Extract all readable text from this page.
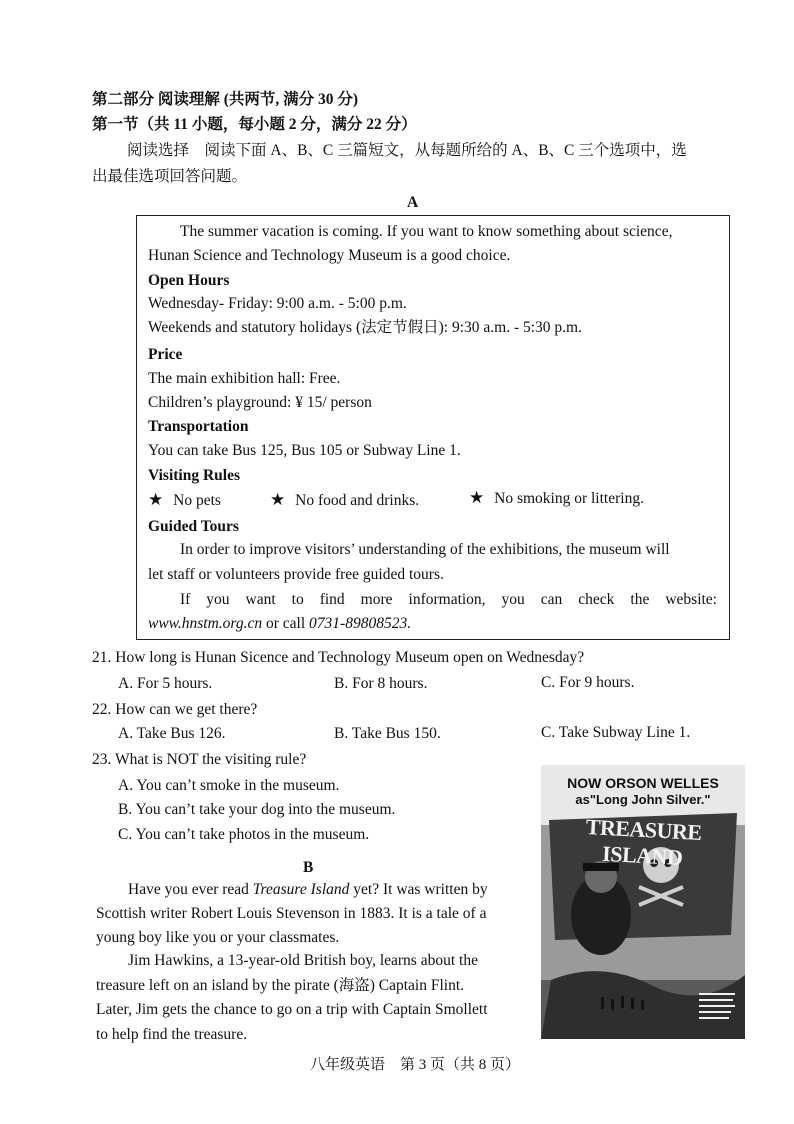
第二部分 阅读理解 (共两节, 满分 30 分)
第一节（共 11 小题，每小题 2 分，满分 22 分）
阅读选择　阅读下面 A、B、C 三篇短文，从每题所给的 A、B、C 三个选项中，选
出最佳选项回答问题。
A
The summer vacation is coming. If you want to know something about science,
Hunan Science and Technology Museum is a good choice.
Open Hours
Wednesday- Friday: 9:00 a.m. - 5:00 p.m.
Weekends and statutory holidays (法定节假日): 9:30 a.m. - 5:30 p.m.
Price
The main exhibition hall: Free.
Children’s playground: ¥ 15/ person
Transportation
You can take Bus 125, Bus 105 or Subway Line 1.
Visiting Rules
★ No pets	★ No food and drinks.	★ No smoking or littering.
Guided Tours
In order to improve visitors’ understanding of the exhibitions, the museum will
let staff or volunteers provide free guided tours.
If you want to find more information, you can check the website:
www.hnstm.org.cn or call 0731-89808523.
21. How long is Hunan Sicence and Technology Museum open on Wednesday?
A. For 5 hours.	B. For 8 hours.	C. For 9 hours.
22. How can we get there?
A. Take Bus 126.	B. Take Bus 150.	C. Take Subway Line 1.
23. What is NOT the visiting rule?
A. You can’t smoke in the museum.
B. You can’t take your dog into the museum.
C. You can’t take photos in the museum.
B
Have you ever read Treasure Island yet? It was written by
Scottish writer Robert Louis Stevenson in 1883. It is a tale of a
young boy like you or your classmates.
Jim Hawkins, a 13-year-old British boy, learns about the
treasure left on an island by the pirate (海盗) Captain Flint.
Later, Jim gets the chance to go on a trip with Captain Smollett
to help find the treasure.
NOW ORSON WELLES
as"Long John Silver."
TREASURE ISLAND
八年级英语　第 3 页（共 8 页）
